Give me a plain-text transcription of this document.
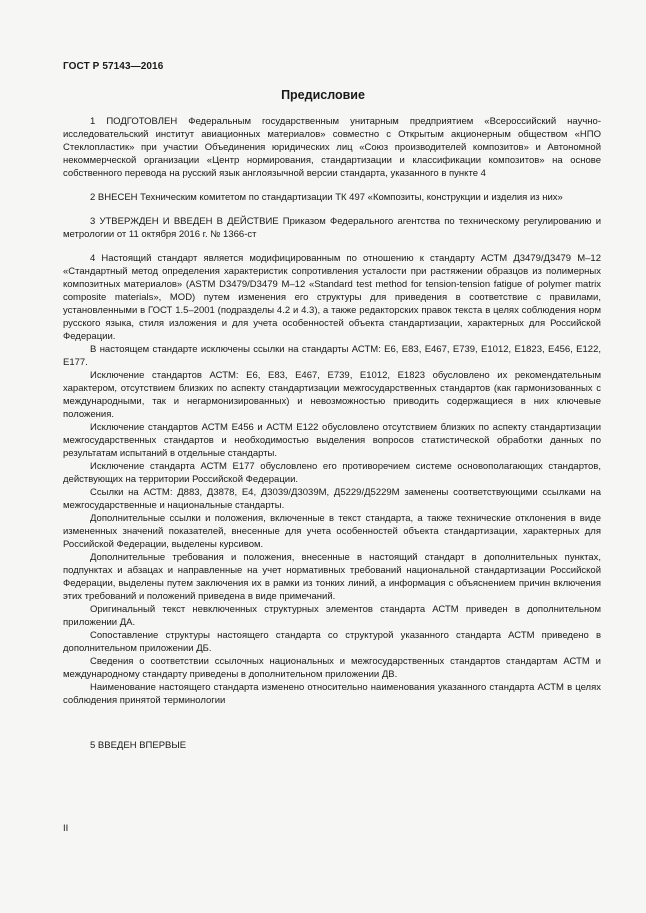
ГОСТ Р 57143—2016
Предисловие

1 ПОДГОТОВЛЕН Федеральным государственным унитарным предприятием «Всероссийский научно-исследовательский институт авиационных материалов» совместно с Открытым акционерным обществом «НПО Стеклопластик» при участии Объединения юридических лиц «Союз производителей композитов» и Автономной некоммерческой организации «Центр нормирования, стандартизации и классификации композитов» на основе собственного перевода на русский язык англоязычной версии стандарта, указанного в пункте 4

2 ВНЕСЕН Техническим комитетом по стандартизации ТК 497 «Композиты, конструкции и изделия из них»

3 УТВЕРЖДЕН И ВВЕДЕН В ДЕЙСТВИЕ Приказом Федерального агентства по техническому регулированию и метрологии от 11 октября 2016 г. № 1366-ст

4 Настоящий стандарт является модифицированным по отношению к стандарту АСТМ Д3479/Д3479 М–12 «Стандартный метод определения характеристик сопротивления усталости при растяжении образцов из полимерных композитных материалов» (ASTM D3479/D3479 M–12 «Standard test method for tension-tension fatigue of polymer matrix composite materials», MOD) путем изменения его структуры для приведения в соответствие с правилами, установленными в ГОСТ 1.5–2001 (подразделы 4.2 и 4.3), а также редакторских правок текста в целях соблюдения норм русского языка, стиля изложения и для учета особенностей объекта стандартизации, характерных для Российской Федерации.

В настоящем стандарте исключены ссылки на стандарты АСТМ: Е6, Е83, Е467, Е739, Е1012, Е1823, Е456, Е122, Е177.

Исключение стандартов АСТМ: Е6, Е83, Е467, Е739, Е1012, Е1823 обусловлено их рекомендательным характером, отсутствием близких по аспекту стандартизации межгосударственных стандартов (как гармонизованных с международными, так и негармонизированных) и невозможностью приводить содержащиеся в них ключевые положения.

Исключение стандартов АСТМ Е456 и АСТМ Е122 обусловлено отсутствием близких по аспекту стандартизации межгосударственных стандартов и необходимостью выделения вопросов статистической обработки данных по результатам испытаний в отдельные стандарты.

Исключение стандарта АСТМ Е177 обусловлено его противоречием системе основополагающих стандартов, действующих на территории Российской Федерации.

Ссылки на АСТМ: Д883, Д3878, Е4, Д3039/Д3039М, Д5229/Д5229М заменены соответствующими ссылками на межгосударственные и национальные стандарты.

Дополнительные ссылки и положения, включенные в текст стандарта, а также технические отклонения в виде измененных значений показателей, внесенные для учета особенностей объекта стандартизации, характерных для Российской Федерации, выделены курсивом.

Дополнительные требования и положения, внесенные в настоящий стандарт в дополнительных пунктах, подпунктах и абзацах и направленные на учет нормативных требований национальной стандартизации Российской Федерации, выделены путем заключения их в рамки из тонких линий, а информация с объяснением причин включения этих требований и положений приведена в виде примечаний.

Оригинальный текст невключенных структурных элементов стандарта АСТМ приведен в дополнительном приложении ДА.

Сопоставление структуры настоящего стандарта со структурой указанного стандарта АСТМ приведено в дополнительном приложении ДБ.

Сведения о соответствии ссылочных национальных и межгосударственных стандартов стандартам АСТМ и международному стандарту приведены в дополнительном приложении ДВ.

Наименование настоящего стандарта изменено относительно наименования указанного стандарта АСТМ в целях соблюдения принятой терминологии

5 ВВЕДЕН ВПЕРВЫЕ

II
